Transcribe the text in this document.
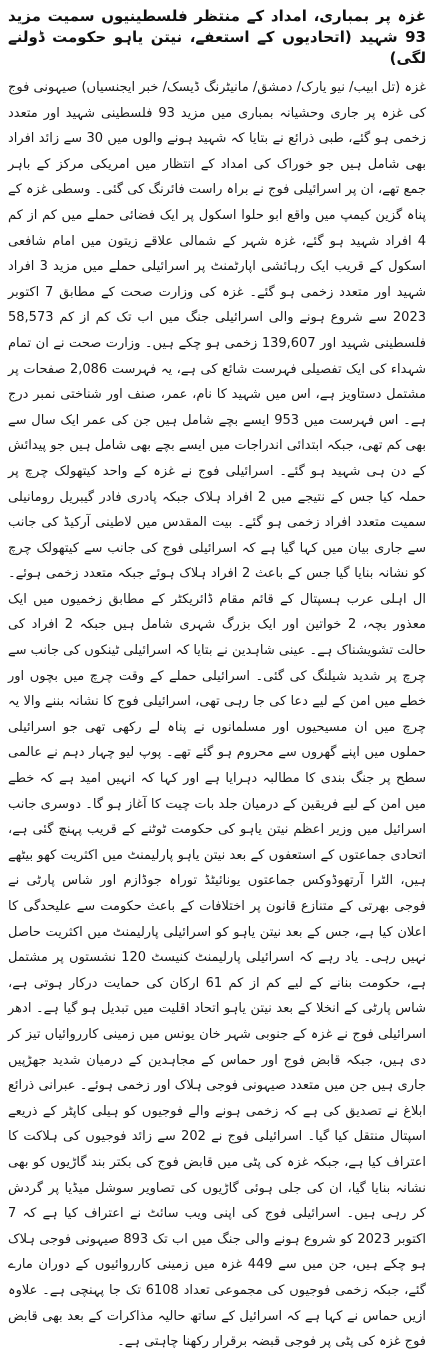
غزہ پر بمباری، امداد کے منتظر فلسطینیوں سمیت مزید 93 شہید (اتحادیوں کے استعفے، نیتن یاہو حکومت ڈولنے لگی)

غزہ (تل ابیب/ نیو یارک/ دمشق/ مانیٹرنگ ڈیسک/ خبر ایجنسیاں) صیہونی فوج کی غزہ پر جاری وحشیانہ بمباری میں مزید 93 فلسطینی شہید اور متعدد زخمی ہو گئے، طبی ذرائع نے بتایا کہ شہید ہونے والوں میں 30 سے زائد افراد بھی شامل ہیں جو خوراک کی امداد کے انتظار میں امریکی مرکز کے باہر جمع تھے، ان پر اسرائیلی فوج نے براہ راست فائرنگ کی گئی۔ وسطی غزہ کے پناہ گزین کیمپ میں واقع ابو حلوا اسکول پر ایک فضائی حملے میں کم از کم 4 افراد شہید ہو گئے، غزہ شہر کے شمالی علاقے زیتون میں امام شافعی اسکول کے قریب ایک رہائشی اپارٹمنٹ پر اسرائیلی حملے میں مزید 3 افراد شہید اور متعدد زخمی ہو گئے۔ غزہ کی وزارت صحت کے مطابق 7 اکتوبر 2023 سے شروع ہونے والی اسرائیلی جنگ میں اب تک کم از کم 58,573 فلسطینی شہید اور 139,607 زخمی ہو چکے ہیں۔ وزارت صحت نے ان تمام شہداء کی ایک تفصیلی فہرست شائع کی ہے، یہ فہرست 2,086 صفحات پر مشتمل دستاویز ہے، اس میں شہید کا نام، عمر، صنف اور شناختی نمبر درج ہے۔ اس فہرست میں 953 ایسے بچے شامل ہیں جن کی عمر ایک سال سے بھی کم تھی، جبکہ ابتدائی اندراجات میں ایسے بچے بھی شامل ہیں جو پیدائش کے دن ہی شہید ہو گئے۔ اسرائیلی فوج نے غزہ کے واحد کیتھولک چرچ پر حملہ کیا جس کے نتیجے میں 2 افراد ہلاک جبکہ پادری فادر گیبریل رومانیلی سمیت متعدد افراد زخمی ہو گئے۔ بیت المقدس میں لاطینی آرکیڈ کی جانب سے جاری بیان میں کہا گیا ہے کہ اسرائیلی فوج کی جانب سے کیتھولک چرچ کو نشانہ بنایا گیا جس کے باعث 2 افراد ہلاک ہوئے جبکہ متعدد زخمی ہوئے۔ ال اہلی عرب ہسپتال کے قائم مقام ڈائریکٹر کے مطابق زخمیوں میں ایک معذور بچہ، 2 خواتین اور ایک بزرگ شہری شامل ہیں جبکہ 2 افراد کی حالت تشویشناک ہے۔ عینی شاہدین نے بتایا کہ اسرائیلی ٹینکوں کی جانب سے چرچ پر شدید شیلنگ کی گئی۔ اسرائیلی حملے کے وقت چرچ میں بچوں اور خطے میں امن کے لیے دعا کی جا رہی تھی، اسرائیلی فوج کا نشانہ بننے والا یہ چرچ میں ان مسیحیوں اور مسلمانوں نے پناہ لے رکھی تھی جو اسرائیلی حملوں میں اپنے گھروں سے محروم ہو گئے تھے۔ پوپ لیو چہار دہم نے عالمی سطح پر جنگ بندی کا مطالبہ دہرایا ہے اور کہا کہ انہیں امید ہے کہ خطے میں امن کے لیے فریقین کے درمیان جلد بات چیت کا آغاز ہو گا۔ دوسری جانب اسرائیل میں وزیر اعظم نیتن یاہو کی حکومت ٹوٹنے کے قریب پہنچ گئی ہے، اتحادی جماعتوں کے استعفوں کے بعد نیتن یاہو پارلیمنٹ میں اکثریت کھو بیٹھے ہیں، الٹرا آرتھوڈوکس جماعتوں یونائیٹڈ توراہ جوڈازم اور شاس پارٹی نے فوجی بھرتی کے متنازع قانون پر اختلافات کے باعث حکومت سے علیحدگی کا اعلان کیا ہے، جس کے بعد نیتن یاہو کو اسرائیلی پارلیمنٹ میں اکثریت حاصل نہیں رہی۔ یاد رہے کہ اسرائیلی پارلیمنٹ کنیسٹ 120 نشستوں پر مشتمل ہے، حکومت بنانے کے لیے کم از کم 61 ارکان کی حمایت درکار ہوتی ہے، شاس پارٹی کے انخلا کے بعد نیتن یاہو اتحاد اقلیت میں تبدیل ہو گیا ہے۔ ادھر اسرائیلی فوج نے غزہ کے جنوبی شہر خان یونس میں زمینی کارروائیاں تیز کر دی ہیں، جبکہ قابض فوج اور حماس کے مجاہدین کے درمیان شدید جھڑپیں جاری ہیں جن میں متعدد صیہونی فوجی ہلاک اور زخمی ہوئے۔ عبرانی ذرائع ابلاغ نے تصدیق کی ہے کہ زخمی ہونے والے فوجیوں کو ہیلی کاپٹر کے ذریعے اسپتال منتقل کیا گیا۔ اسرائیلی فوج نے 202 سے زائد فوجیوں کی ہلاکت کا اعتراف کیا ہے، جبکہ غزہ کی پٹی میں قابض فوج کی بکتر بند گاڑیوں کو بھی نشانہ بنایا گیا، ان کی جلی ہوئی گاڑیوں کی تصاویر سوشل میڈیا پر گردش کر رہی ہیں۔ اسرائیلی فوج کی اپنی ویب سائٹ نے اعتراف کیا ہے کہ 7 اکتوبر 2023 کو شروع ہونے والی جنگ میں اب تک 893 صیہونی فوجی ہلاک ہو چکے ہیں، جن میں سے 449 غزہ میں زمینی کارروائیوں کے دوران مارے گئے، جبکہ زخمی فوجیوں کی مجموعی تعداد 6108 تک جا پہنچی ہے۔ علاوہ ازیں حماس نے کہا ہے کہ اسرائیل کے ساتھ حالیہ مذاکرات کے بعد بھی قابض فوج غزہ کی پٹی پر فوجی قبضہ برقرار رکھنا چاہتی ہے۔
